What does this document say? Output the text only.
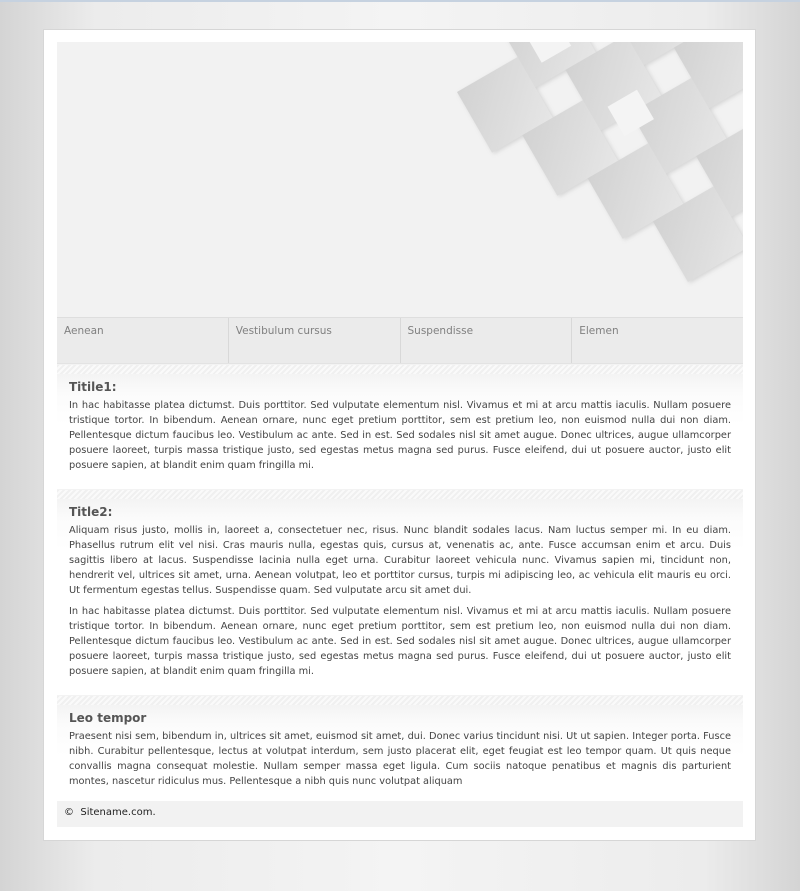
Aenean	Vestibulum cursus	Suspendisse	Elemen
Titile1:

In hac habitasse platea dictumst. Duis porttitor. Sed vulputate elementum nisl. Vivamus et mi at arcu mattis iaculis. Nullam posuere tristique tortor. In bibendum. Aenean ornare, nunc eget pretium porttitor, sem est pretium leo, non euismod nulla dui non diam. Pellentesque dictum faucibus leo. Vestibulum ac ante. Sed in est. Sed sodales nisl sit amet augue. Donec ultrices, augue ullamcorper posuere laoreet, turpis massa tristique justo, sed egestas metus magna sed purus. Fusce eleifend, dui ut posuere auctor, justo elit posuere sapien, at blandit enim quam fringilla mi.

Title2:

Aliquam risus justo, mollis in, laoreet a, consectetuer nec, risus. Nunc blandit sodales lacus. Nam luctus semper mi. In eu diam. Phasellus rutrum elit vel nisi. Cras mauris nulla, egestas quis, cursus at, venenatis ac, ante. Fusce accumsan enim et arcu. Duis sagittis libero at lacus. Suspendisse lacinia nulla eget urna. Curabitur laoreet vehicula nunc. Vivamus sapien mi, tincidunt non, hendrerit vel, ultrices sit amet, urna. Aenean volutpat, leo et porttitor cursus, turpis mi adipiscing leo, ac vehicula elit mauris eu orci. Ut fermentum egestas tellus. Suspendisse quam. Sed vulputate arcu sit amet dui.

In hac habitasse platea dictumst. Duis porttitor. Sed vulputate elementum nisl. Vivamus et mi at arcu mattis iaculis. Nullam posuere tristique tortor. In bibendum. Aenean ornare, nunc eget pretium porttitor, sem est pretium leo, non euismod nulla dui non diam. Pellentesque dictum faucibus leo. Vestibulum ac ante. Sed in est. Sed sodales nisl sit amet augue. Donec ultrices, augue ullamcorper posuere laoreet, turpis massa tristique justo, sed egestas metus magna sed purus. Fusce eleifend, dui ut posuere auctor, justo elit posuere sapien, at blandit enim quam fringilla mi.

Leo tempor

Praesent nisi sem, bibendum in, ultrices sit amet, euismod sit amet, dui. Donec varius tincidunt nisi. Ut ut sapien. Integer porta. Fusce nibh. Curabitur pellentesque, lectus at volutpat interdum, sem justo placerat elit, eget feugiat est leo tempor quam. Ut quis neque convallis magna consequat molestie. Nullam semper massa eget ligula. Cum sociis natoque penatibus et magnis dis parturient montes, nascetur ridiculus mus. Pellentesque a nibh quis nunc volutpat aliquam

© Sitename.com.
